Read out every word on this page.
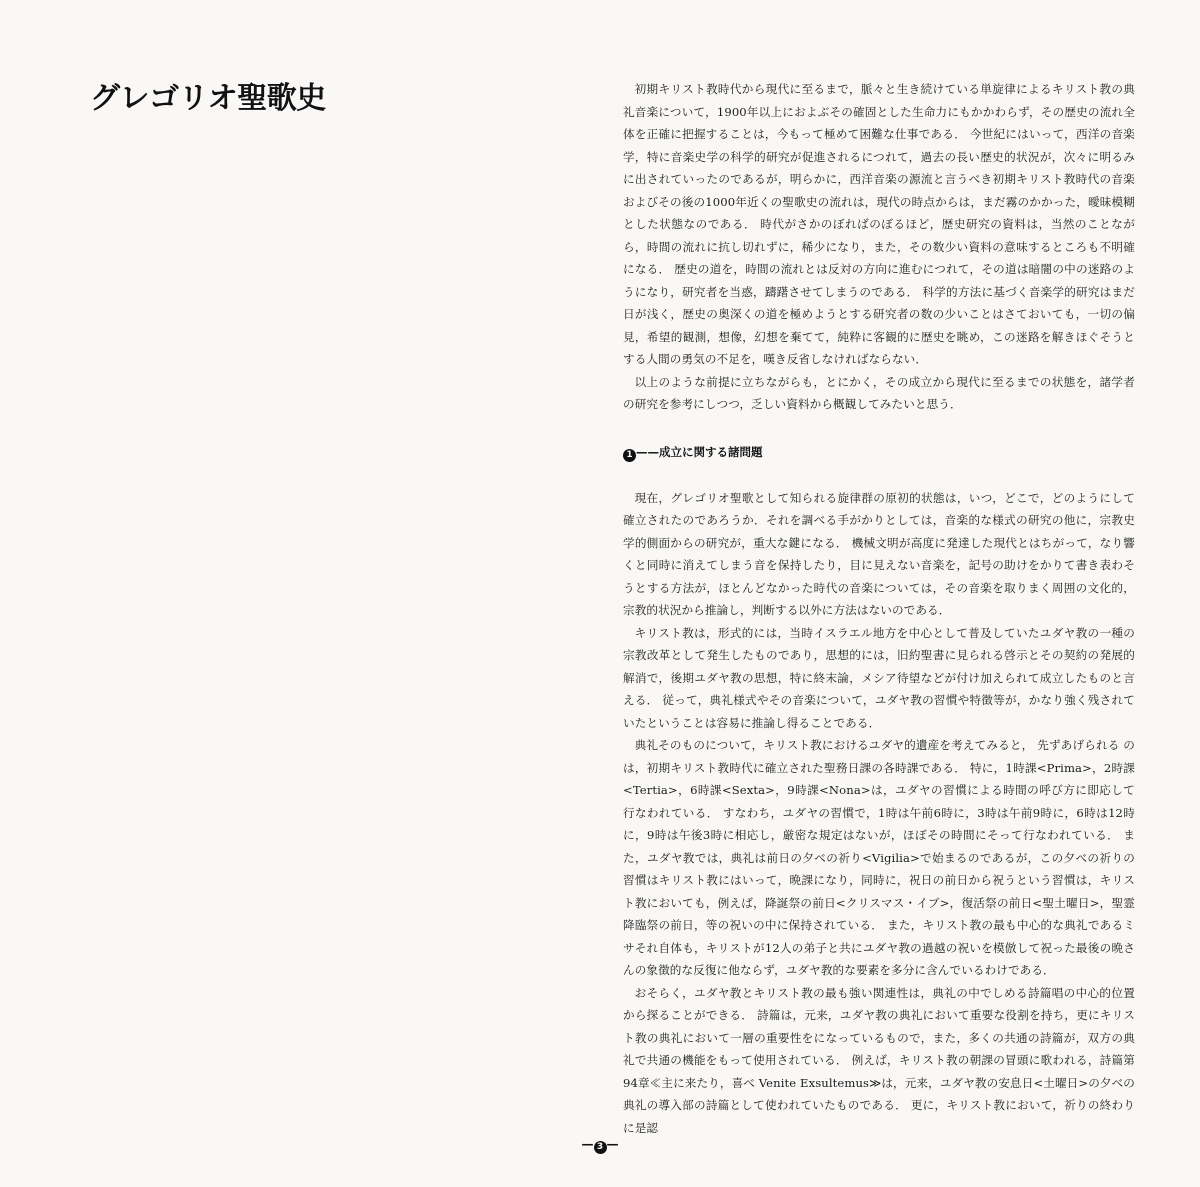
グレゴリオ聖歌史	初期キリスト教時代から現代に至るまで，脈々と生き続けている単旋律によるキリスト教の典礼音楽について，1900年以上におよぶその確固とした生命力にもかかわらず，その歴史の流れ全体を正確に把握することは，今もって極めて困難な仕事である． 今世紀にはいって，西洋の音楽学，特に音楽史学の科学的研究が促進されるにつれて，過去の長い歴史的状況が，次々に明るみに出されていったのであるが，明らかに，西洋音楽の源流と言うべき初期キリスト教時代の音楽およびその後の1000年近くの聖歌史の流れは，現代の時点からは，まだ霧のかかった，曖昧模糊とした状態なのである． 時代がさかのぼればのぼるほど，歴史研究の資料は，当然のことながら，時間の流れに抗し切れずに，稀少になり，また，その数少い資料の意味するところも不明確になる． 歴史の道を，時間の流れとは反対の方向に進むにつれて，その道は暗闇の中の迷路のようになり，研究者を当惑，躊躇させてしまうのである． 科学的方法に基づく音楽学的研究はまだ日が浅く，歴史の奥深くの道を極めようとする研究者の数の少いことはさておいても，一切の偏見，希望的観測，想像，幻想を棄てて，純粋に客観的に歴史を眺め，この迷路を解きほぐそうとする人間の勇気の不足を，嘆き反省しなければならない．

以上のような前提に立ちながらも，とにかく，その成立から現代に至るまでの状態を，諸学者の研究を参考にしつつ，乏しい資料から概観してみたいと思う．

1 ——成立に関する諸問題

現在，グレゴリオ聖歌として知られる旋律群の原初的状態は，いつ，どこで，どのようにして確立されたのであろうか．それを調べる手がかりとしては，音楽的な様式の研究の他に，宗教史学的側面からの研究が，重大な鍵になる． 機械文明が高度に発達した現代とはちがって，なり響くと同時に消えてしまう音を保持したり，目に見えない音楽を，記号の助けをかりて書き表わそうとする方法が，ほとんどなかった時代の音楽については，その音楽を取りまく周囲の文化的，宗教的状況から推論し，判断する以外に方法はないのである．

キリスト教は，形式的には，当時イスラエル地方を中心として普及していたユダヤ教の一種の宗教改革として発生したものであり，思想的には，旧約聖書に見られる啓示とその契約の発展的解消で，後期ユダヤ教の思想，特に終末論，メシア待望などが付け加えられて成立したものと言える． 従って，典礼様式やその音楽について，ユダヤ教の習慣や特徴等が，かなり強く残されていたということは容易に推論し得ることである．

典礼そのものについて，キリスト教におけるユダヤ的遺産を考えてみると， 先ずあげられる のは，初期キリスト教時代に確立された聖務日課の各時課である． 特に，1時課<Prima>，2時課<Tertia>，6時課<Sexta>，9時課<Nona>は，ユダヤの習慣による時間の呼び方に即応して行なわれている． すなわち，ユダヤの習慣で，1時は午前6時に，3時は午前9時に，6時は12時に，9時は午後3時に相応し，厳密な規定はないが，ほぼその時間にそって行なわれている． また，ユダヤ教では，典礼は前日の夕べの祈り<Vigilia>で始まるのであるが，この夕べの祈りの習慣はキリスト教にはいって，晩課になり，同時に，祝日の前日から祝うという習慣は，キリスト教においても，例えば，降誕祭の前日<クリスマス・イブ>，復活祭の前日<聖土曜日>，聖霊降臨祭の前日，等の祝いの中に保持されている． また，キリスト教の最も中心的な典礼であるミサそれ自体も，キリストが12人の弟子と共にユダヤ教の過越の祝いを模倣して祝った最後の晩さんの象徴的な反復に他ならず，ユダヤ教的な要素を多分に含んでいるわけである．

おそらく，ユダヤ教とキリスト教の最も強い関連性は，典礼の中でしめる詩篇唱の中心的位置から探ることができる． 詩篇は，元来，ユダヤ教の典礼において重要な役割を持ち，更にキリスト教の典礼において一層の重要性をになっているもので，また，多くの共通の詩篇が，双方の典礼で共通の機能をもって使用されている． 例えば，キリスト教の朝課の冒頭に歌われる，詩篇第94章≪主に来たり，喜べ Venite Exsultemus≫は，元来，ユダヤ教の安息日<土曜日>の夕べの典礼の導入部の詩篇として使われていたものである． 更に，キリスト教において，祈りの終わりに是認

— 3 —
